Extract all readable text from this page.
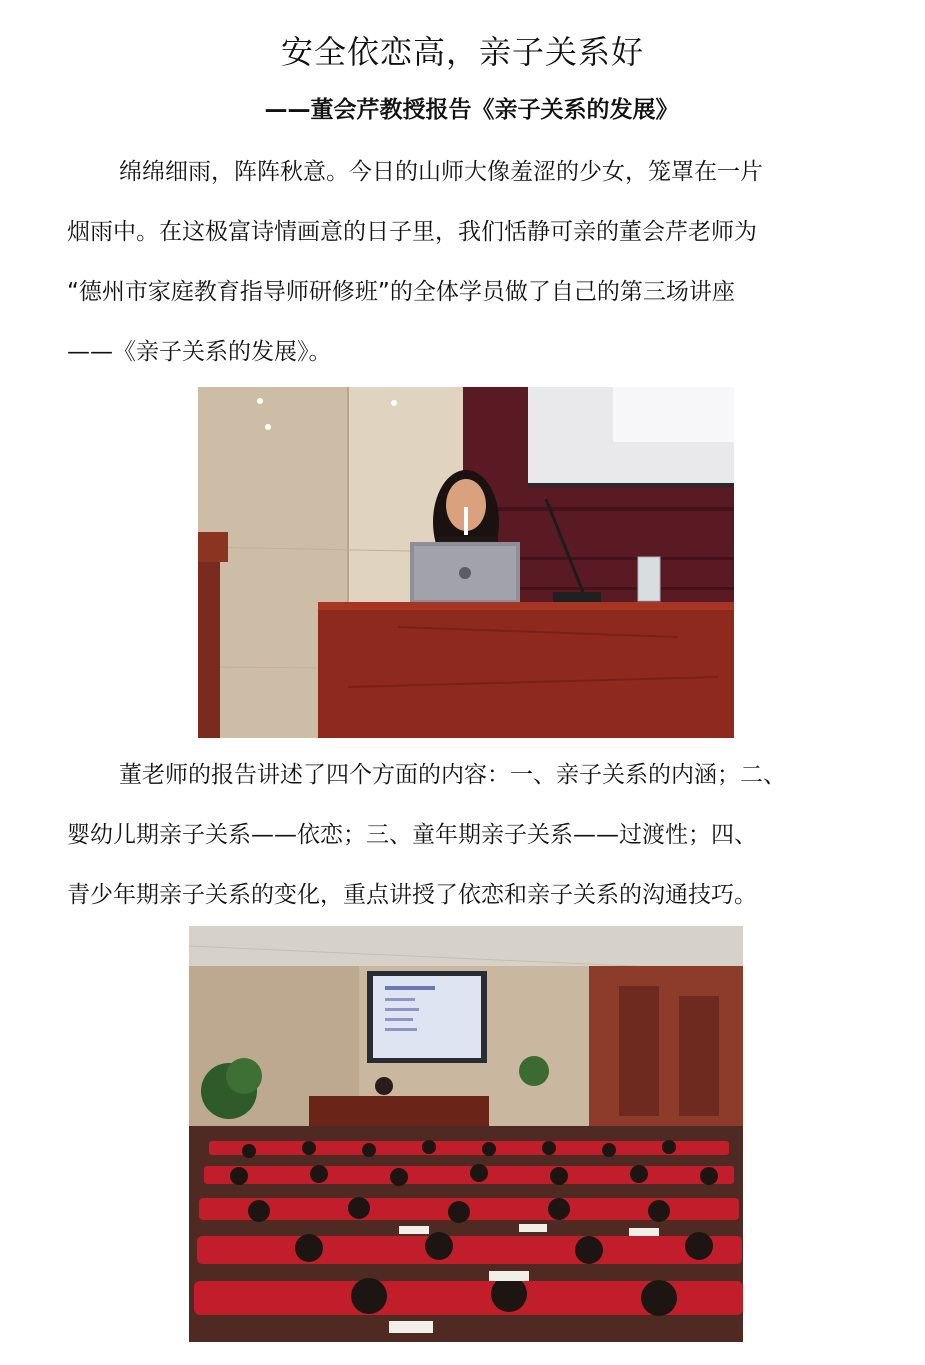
安全依恋高，亲子关系好
——董会芹教授报告《亲子关系的发展》
绵绵细雨，阵阵秋意。今日的山师大像羞涩的少女，笼罩在一片
烟雨中。在这极富诗情画意的日子里，我们恬静可亲的董会芹老师为
“德州市家庭教育指导师研修班”的全体学员做了自己的第三场讲座
——《亲子关系的发展》。
董老师的报告讲述了四个方面的内容：一、亲子关系的内涵；二、
婴幼儿期亲子关系——依恋；三、童年期亲子关系——过渡性；四、
青少年期亲子关系的变化，重点讲授了依恋和亲子关系的沟通技巧。
